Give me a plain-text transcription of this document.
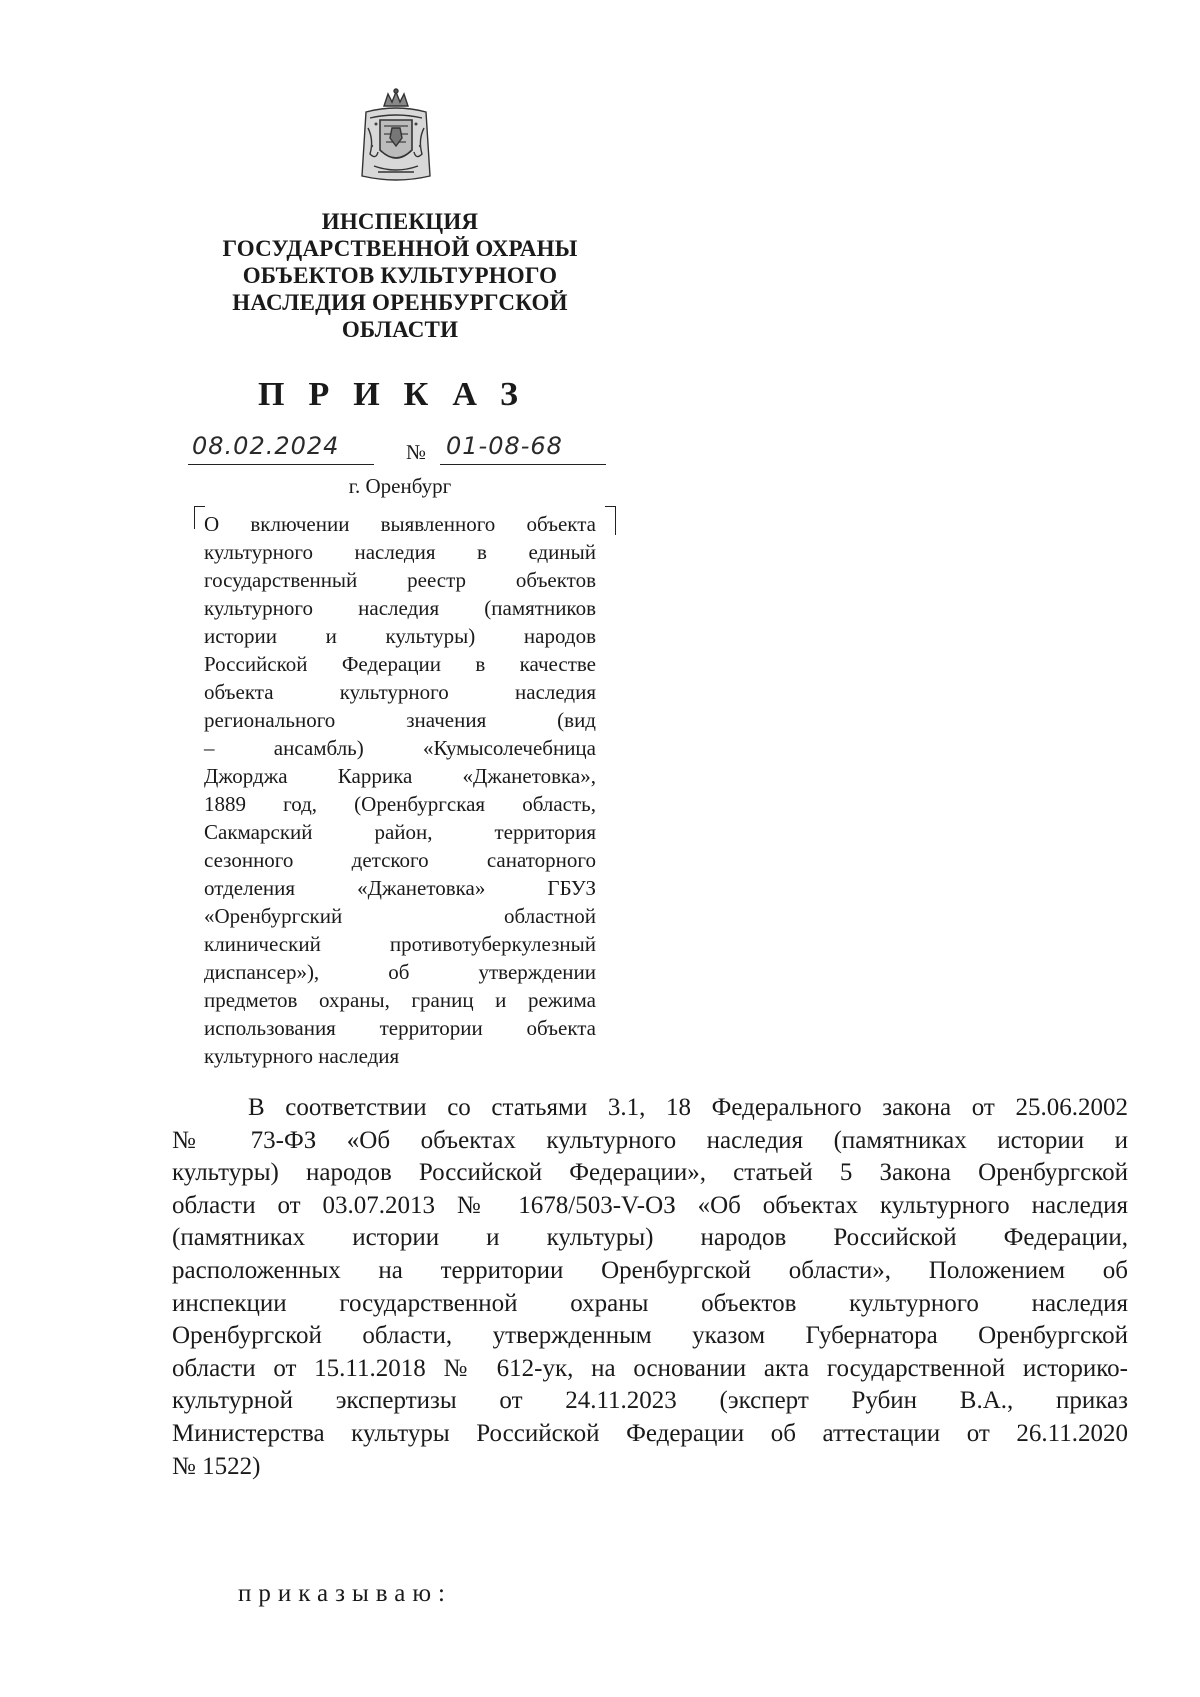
ИНСПЕКЦИЯ
ГОСУДАРСТВЕННОЙ ОХРАНЫ
ОБЪЕКТОВ КУЛЬТУРНОГО
НАСЛЕДИЯ ОРЕНБУРГСКОЙ
ОБЛАСТИ
ПРИКАЗ
08.02.2024	№ 01-08-68
г. Оренбург
О включении выявленного объекта
культурного наследия в единый
государственный реестр объектов
культурного наследия (памятников
истории и культуры) народов
Российской Федерации в качестве
объекта культурного наследия
регионального значения (вид
– ансамбль) «Кумысолечебница
Джорджа Каррика «Джанетовка»,
1889 год, (Оренбургская область,
Сакмарский район, территория
сезонного детского санаторного
отделения «Джанетовка» ГБУЗ
«Оренбургский областной
клинический противотуберкулезный
диспансер»), об утверждении
предметов охраны, границ и режима
использования территории объекта
культурного наследия
В соответствии со статьями 3.1, 18 Федерального закона от 25.06.2002
№ 73-ФЗ «Об объектах культурного наследия (памятниках истории и
культуры) народов Российской Федерации», статьей 5 Закона Оренбургской
области от 03.07.2013 № 1678/503-V-ОЗ «Об объектах культурного наследия
(памятниках истории и культуры) народов Российской Федерации,
расположенных на территории Оренбургской области», Положением об
инспекции государственной охраны объектов культурного наследия
Оренбургской области, утвержденным указом Губернатора Оренбургской
области от 15.11.2018 № 612-ук, на основании акта государственной историко-
культурной экспертизы от 24.11.2023 (эксперт Рубин В.А., приказ
Министерства культуры Российской Федерации об аттестации от 26.11.2020
№ 1522)
приказываю:
